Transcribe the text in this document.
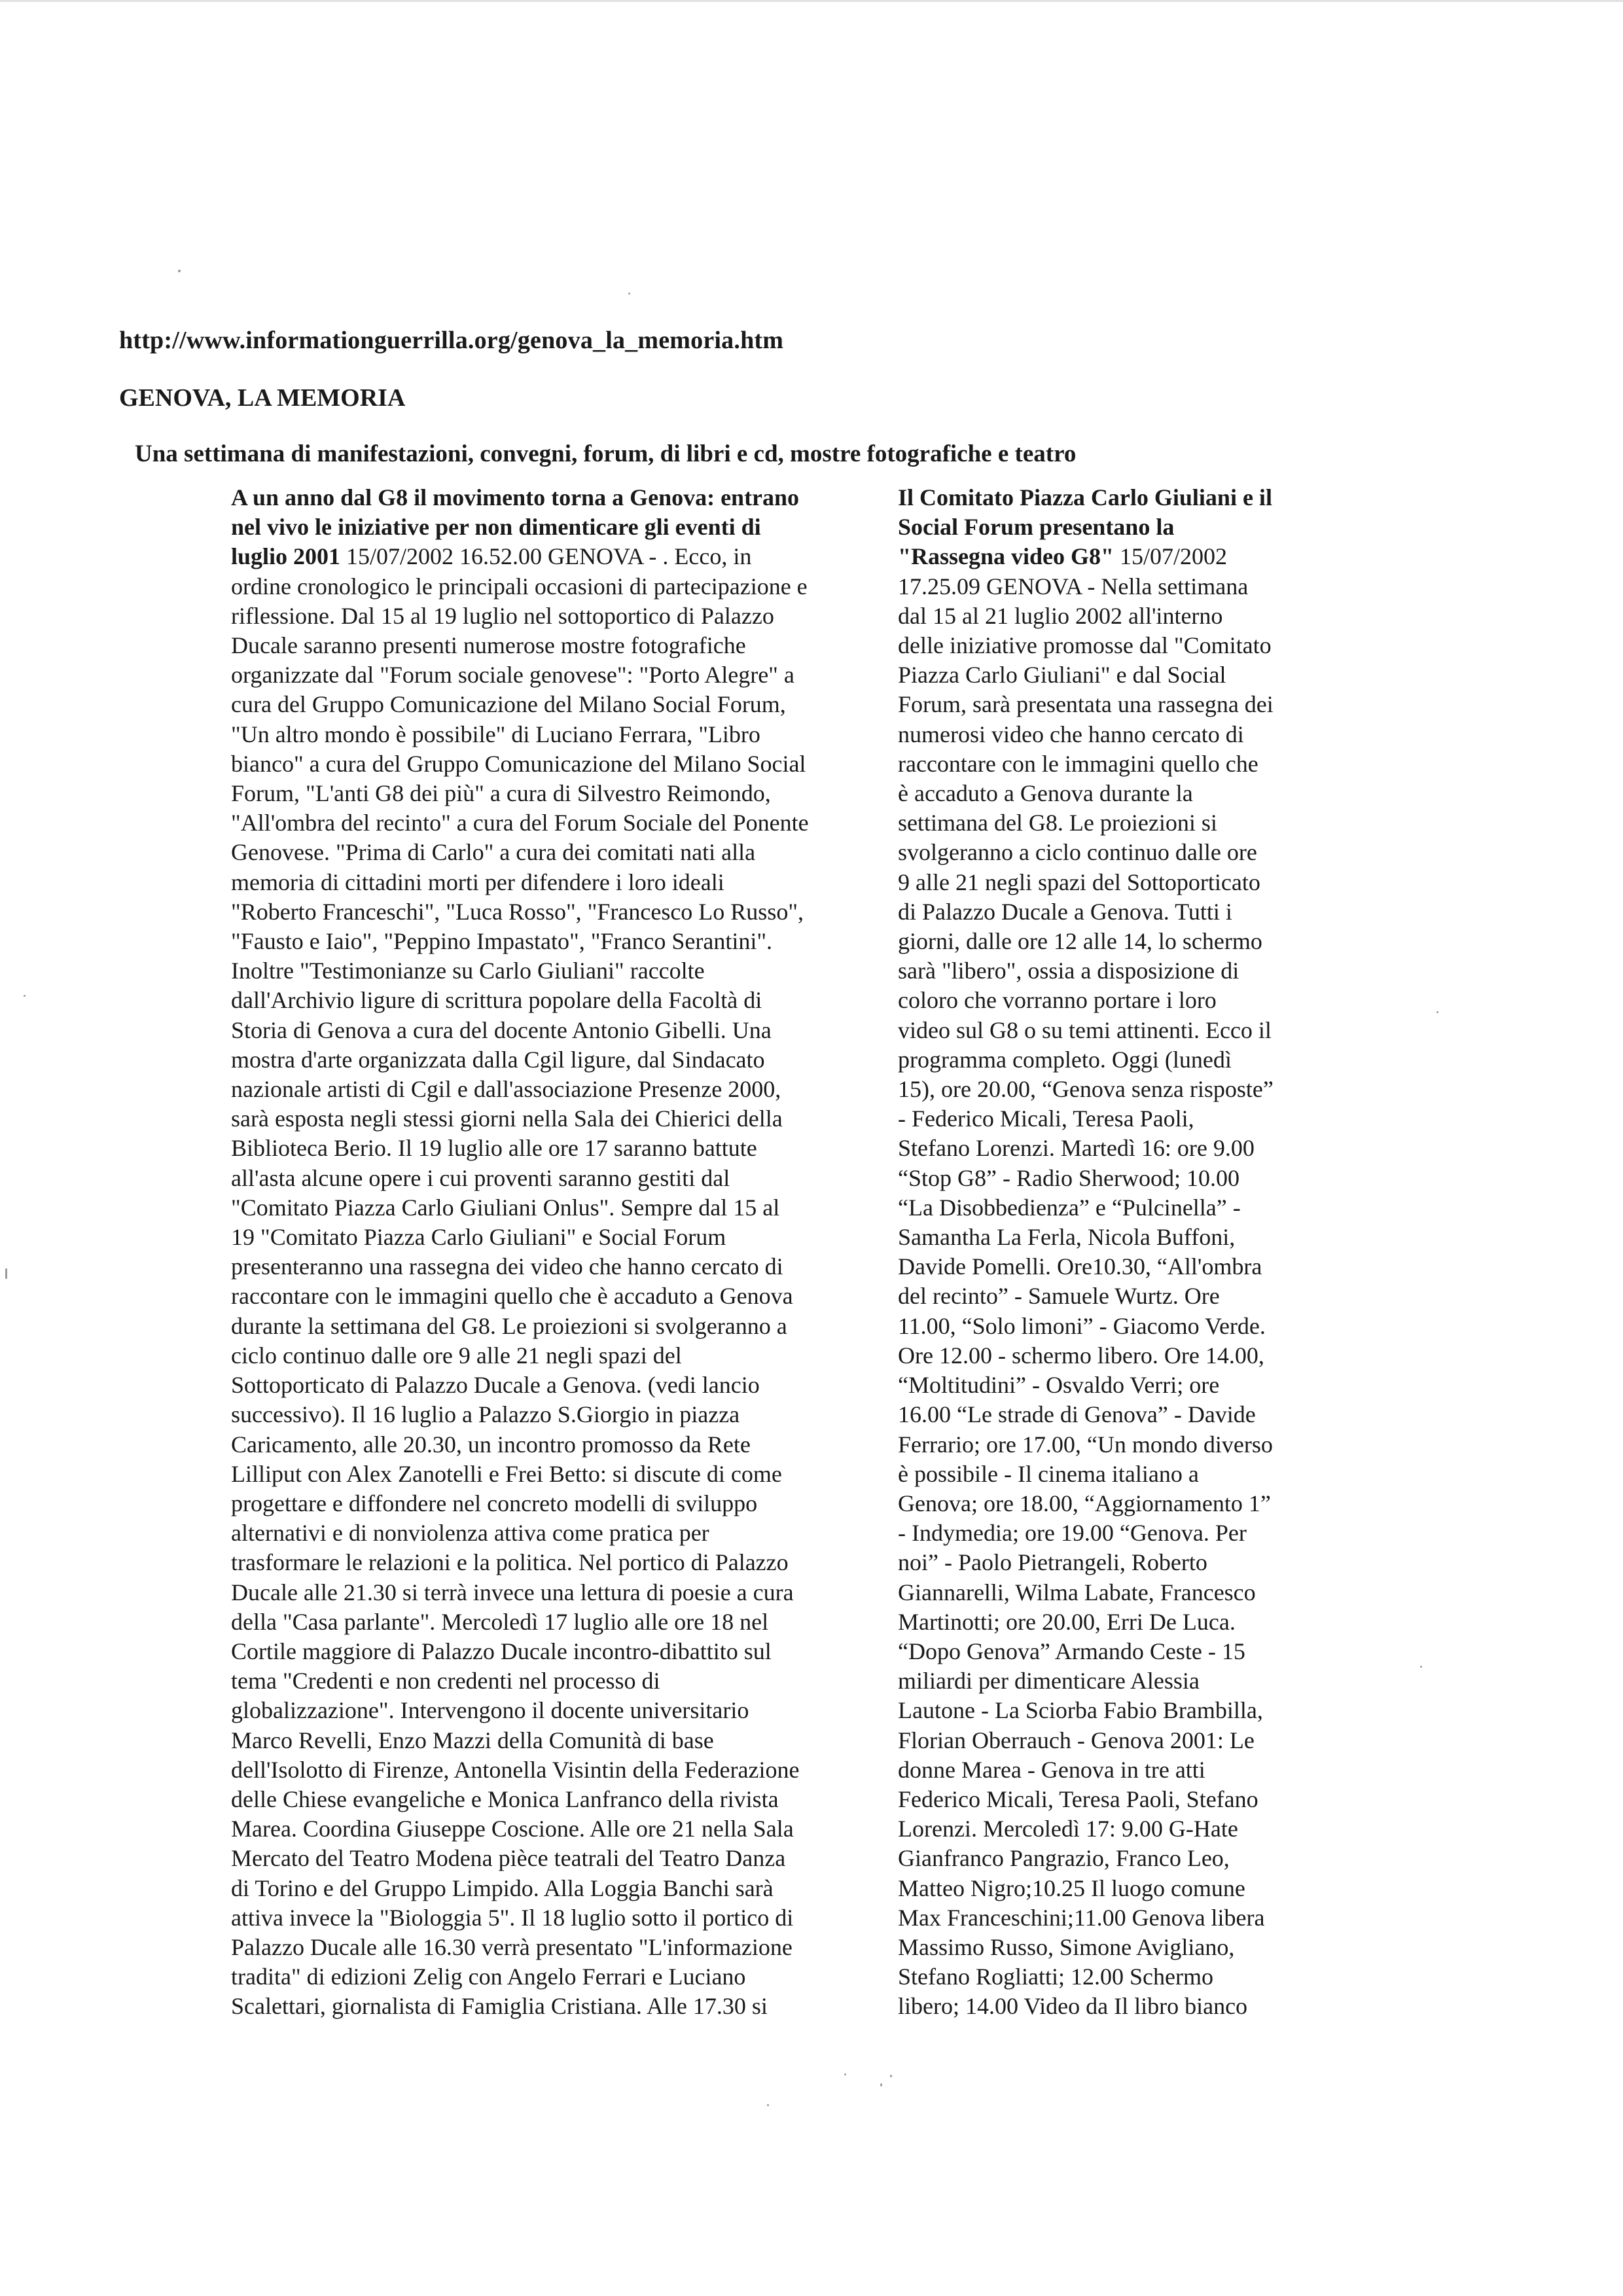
http://www.informationguerrilla.org/genova_la_memoria.htm
GENOVA, LA MEMORIA
Una settimana di manifestazioni, convegni, forum, di libri e cd, mostre fotografiche e teatro
A un anno dal G8 il movimento torna a Genova: entrano
nel vivo le iniziative per non dimenticare gli eventi di
luglio 2001 15/07/2002 16.52.00 GENOVA - . Ecco, in
ordine cronologico le principali occasioni di partecipazione e
riflessione. Dal 15 al 19 luglio nel sottoportico di Palazzo
Ducale saranno presenti numerose mostre fotografiche
organizzate dal "Forum sociale genovese": "Porto Alegre" a
cura del Gruppo Comunicazione del Milano Social Forum,
"Un altro mondo è possibile" di Luciano Ferrara, "Libro
bianco" a cura del Gruppo Comunicazione del Milano Social
Forum, "L'anti G8 dei più" a cura di Silvestro Reimondo,
"All'ombra del recinto" a cura del Forum Sociale del Ponente
Genovese. "Prima di Carlo" a cura dei comitati nati alla
memoria di cittadini morti per difendere i loro ideali
"Roberto Franceschi", "Luca Rosso", "Francesco Lo Russo",
"Fausto e Iaio", "Peppino Impastato", "Franco Serantini".
Inoltre "Testimonianze su Carlo Giuliani" raccolte
dall'Archivio ligure di scrittura popolare della Facoltà di
Storia di Genova a cura del docente Antonio Gibelli. Una
mostra d'arte organizzata dalla Cgil ligure, dal Sindacato
nazionale artisti di Cgil e dall'associazione Presenze 2000,
sarà esposta negli stessi giorni nella Sala dei Chierici della
Biblioteca Berio. Il 19 luglio alle ore 17 saranno battute
all'asta alcune opere i cui proventi saranno gestiti dal
"Comitato Piazza Carlo Giuliani Onlus". Sempre dal 15 al
19 "Comitato Piazza Carlo Giuliani" e Social Forum
presenteranno una rassegna dei video che hanno cercato di
raccontare con le immagini quello che è accaduto a Genova
durante la settimana del G8. Le proiezioni si svolgeranno a
ciclo continuo dalle ore 9 alle 21 negli spazi del
Sottoporticato di Palazzo Ducale a Genova. (vedi lancio
successivo). Il 16 luglio a Palazzo S.Giorgio in piazza
Caricamento, alle 20.30, un incontro promosso da Rete
Lilliput con Alex Zanotelli e Frei Betto: si discute di come
progettare e diffondere nel concreto modelli di sviluppo
alternativi e di nonviolenza attiva come pratica per
trasformare le relazioni e la politica. Nel portico di Palazzo
Ducale alle 21.30 si terrà invece una lettura di poesie a cura
della "Casa parlante". Mercoledì 17 luglio alle ore 18 nel
Cortile maggiore di Palazzo Ducale incontro-dibattito sul
tema "Credenti e non credenti nel processo di
globalizzazione". Intervengono il docente universitario
Marco Revelli, Enzo Mazzi della Comunità di base
dell'Isolotto di Firenze, Antonella Visintin della Federazione
delle Chiese evangeliche e Monica Lanfranco della rivista
Marea. Coordina Giuseppe Coscione. Alle ore 21 nella Sala
Mercato del Teatro Modena pièce teatrali del Teatro Danza
di Torino e del Gruppo Limpido. Alla Loggia Banchi sarà
attiva invece la "Biologgia 5". Il 18 luglio sotto il portico di
Palazzo Ducale alle 16.30 verrà presentato "L'informazione
tradita" di edizioni Zelig con Angelo Ferrari e Luciano
Scalettari, giornalista di Famiglia Cristiana. Alle 17.30 si
Il Comitato Piazza Carlo Giuliani e il
Social Forum presentano la
"Rassegna video G8" 15/07/2002
17.25.09 GENOVA - Nella settimana
dal 15 al 21 luglio 2002 all'interno
delle iniziative promosse dal "Comitato
Piazza Carlo Giuliani" e dal Social
Forum, sarà presentata una rassegna dei
numerosi video che hanno cercato di
raccontare con le immagini quello che
è accaduto a Genova durante la
settimana del G8. Le proiezioni si
svolgeranno a ciclo continuo dalle ore
9 alle 21 negli spazi del Sottoporticato
di Palazzo Ducale a Genova. Tutti i
giorni, dalle ore 12 alle 14, lo schermo
sarà "libero", ossia a disposizione di
coloro che vorranno portare i loro
video sul G8 o su temi attinenti. Ecco il
programma completo. Oggi (lunedì
15), ore 20.00, “Genova senza risposte”
- Federico Micali, Teresa Paoli,
Stefano Lorenzi. Martedì 16: ore 9.00
“Stop G8” - Radio Sherwood; 10.00
“La Disobbedienza” e “Pulcinella” -
Samantha La Ferla, Nicola Buffoni,
Davide Pomelli. Ore10.30, “All'ombra
del recinto” - Samuele Wurtz. Ore
11.00, “Solo limoni” - Giacomo Verde.
Ore 12.00 - schermo libero. Ore 14.00,
“Moltitudini” - Osvaldo Verri; ore
16.00 “Le strade di Genova” - Davide
Ferrario; ore 17.00, “Un mondo diverso
è possibile - Il cinema italiano a
Genova; ore 18.00, “Aggiornamento 1”
- Indymedia; ore 19.00 “Genova. Per
noi” - Paolo Pietrangeli, Roberto
Giannarelli, Wilma Labate, Francesco
Martinotti; ore 20.00, Erri De Luca.
“Dopo Genova” Armando Ceste - 15
miliardi per dimenticare Alessia
Lautone - La Sciorba Fabio Brambilla,
Florian Oberrauch - Genova 2001: Le
donne Marea - Genova in tre atti
Federico Micali, Teresa Paoli, Stefano
Lorenzi. Mercoledì 17: 9.00 G-Hate
Gianfranco Pangrazio, Franco Leo,
Matteo Nigro;10.25 Il luogo comune
Max Franceschini;11.00 Genova libera
Massimo Russo, Simone Avigliano,
Stefano Rogliatti; 12.00 Schermo
libero; 14.00 Video da Il libro bianco
